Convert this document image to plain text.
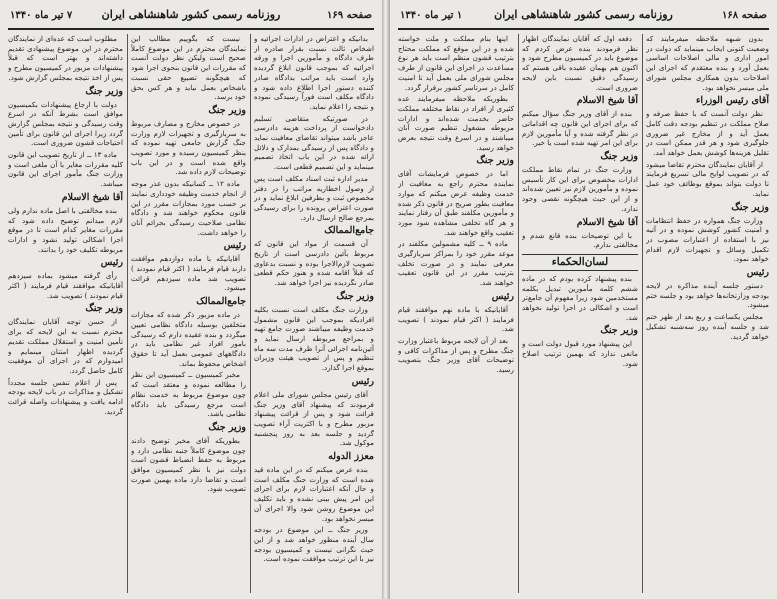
صفحه ۱۶۹
روزنامه رسمی کشور شاهنشاهی ایران
۷ تیر ماه ۱۳۴۰

مطلوب است که عده‌ای از نمایندگان محترم در این موضوع پیشنهادی تقدیم داشته‌اند و بهتر است که قبلاً پیشنهادات مزبور در کمیسیون مطرح و پس از اخذ نتیجه بمجلس گزارش شود.

وزیر جنگ

دولت با ارجاع پیشنهادات بکمیسیون موافق است بشرط آنکه در اسرع وقت رسیدگی و نتیجه بمجلس گزارش گردد زیرا اجرای این قانون برای تأمین احتیاجات قشون ضروری است.

ماده ۱۳ ــ از تاریخ تصویب این قانون کلیه مقررات مغایر با آن ملغی است و وزارت جنگ مأمور اجرای این قانون میباشد.

آقا شیخ الاسلام

بنده مخالفتی با اصل ماده ندارم ولی لازم میدانم توضیح داده شود که مقررات مغایر کدام است تا در موقع اجرا اشکالی تولید نشود و ادارات مربوطه تکلیف خود را بدانند.

رئیس

رأی گرفته میشود بماده سیزدهم آقایانیکه موافقند قیام فرمایند ( اکثر قیام نمودند ) تصویب شد.

وزیر جنگ

از حسن توجه آقایان نمایندگان محترم نسبت به این لایحه که برای تأمین امنیت و استقلال مملکت تقدیم گردیده اظهار امتنان مینمایم و امیدوارم که در اجرای آن موفقیت کامل حاصل گردد.

پس از اعلام تنفس جلسه مجدداً تشکیل و مذاکرات در باب لایحه بودجه ادامه یافت و پیشنهادات واصله قرائت گردید.

نیست که بگوییم مطالب این نمایندگان محترم در این موضوع کاملاً صحیح است ولیکن نظر دولت آنست که مقررات این قانون بنحوی اجرا شود که هیچگونه تضییع حقی نسبت باشخاص بعمل نیاید و هر کس بحق خود برسد.

وزیر جنگ

در خصوص مخارج و مصارف مربوط به سربازگیری و تجهیزات لازم وزارت جنگ گزارش جامعی تهیه نموده که بنظر کمیسیون رسیده و مورد تصویب واقع شده است و در این باب توضیحات لازم داده شد.

ماده ۱۲ ــ کسانیکه بدون عذر موجه از انجام خدمت وظیفه خودداری نمایند بر حسب مورد بمجازات مقرر در این قانون محکوم خواهند شد و دادگاه نظامی صلاحیت رسیدگی بجرائم آنان را خواهد داشت.

رئیس

آقایانیکه با ماده دوازدهم موافقت دارند قیام فرمایند ( اکثر قیام نمودند ) تصویب شد ماده سیزدهم قرائت میشود.

جامع‌الممالک

در ماده مزبور ذکر شده که مجازات متخلفین بوسیله دادگاه نظامی تعیین میگردد و بنده عقیده دارم که رسیدگی بامور افراد غیر نظامی باید در دادگاههای عمومی بعمل آید تا حقوق اشخاص محفوظ بماند.

مخبر کمیسیون ــ کمیسیون این نظر را مطالعه نموده و معتقد است که چون موضوع مربوط به خدمت نظام است مرجع رسیدگی باید دادگاه نظامی باشد.

وزیر جنگ

بطوریکه آقای مخبر توضیح دادند چون موضوع کاملاً جنبه نظامی دارد و مربوط به حفظ انضباط قشون است دولت نیز با نظر کمیسیون موافق است و تقاضا دارد ماده بهمین صورت تصویب شود.

بدانیکه و اعتراض در ادارات اجرائیه و اشخاص ثالث نسبت بقرار صادره از طرف دادگاه و مأمورین اجرا و ورقه اجرائیه که بموجب قانون ابلاغ گردیده وارد است باید مراتب بدادگاه صادر کننده دستور اجرا اطلاع داده شود و دادگاه مکلف است فوراً رسیدگی نموده و نتیجه را اعلام نماید.

در صورتیکه متقاضی تسلیم دادخواست از پرداخت هزینه دادرسی عاجز باشد میتواند تقاضای معافیت نماید و دادگاه پس از رسیدگی بمدارک و دلائل ارائه شده در این باب اتخاذ تصمیم مینماید و این تصمیم قطعی است.

مدیر اداره ثبت اسناد مکلف است پس از وصول اخطاریه مراتب را در دفتر مخصوص ثبت و بطرفین ابلاغ نماید و در صورت اعتراض پرونده را برای رسیدگی بمرجع صالح ارسال دارد.

جامع‌الممالک

آن قسمت از مواد این قانون که مربوط بآئین دادرسی است از تاریخ تصویب لازم‌الاجرا بوده و نسبت بدعاوی که قبلاً اقامه شده و هنوز حکم قطعی صادر نگردیده نیز اجرا خواهد شد.

وزیر جنگ

وزارت جنگ مکلف است نسبت بکلیه افرادیکه بموجب این قانون مشمول خدمت وظیفه میباشند صورت جامع تهیه و بمراجع مربوطه ارسال نماید و آئین‌نامه اجرائی آنرا ظرف مدت سه ماه تنظیم و پس از تصویب هیئت وزیران بموقع اجرا گذارد.

رئیس

آقای رئیس مجلس شورای ملی اعلام فرمودند که پیشنهاد آقای وزیر جنگ قرائت شود و پس از قرائت پیشنهاد مزبور مطرح و با اکثریت آراء تصویب گردید و جلسه بعد به روز پنجشنبه موکول شد.

معزز الدوله

بنده عرض میکنم که در این ماده قید شده است که وزارت جنگ مکلف است و حال آنکه اعتبارات لازم برای اجرای این امر پیش بینی نشده و باید تکلیف این موضوع روشن شود والا اجرای آن میسر نخواهد بود.

وزیر جنگ ــ این موضوع در بودجه سال آینده منظور خواهد شد و از این حیث نگرانی نیست و کمیسیون بودجه نیز با این ترتیب موافقت نموده است.

صفحه ۱۶۸
روزنامه رسمی کشور شاهنشاهی ایران
۱ تیر ماه ۱۳۴۰

اینها بنام مملکت و ملت خواسته شده و در این موقع که مملکت محتاج بترتیب قشون منظم است باید هر نوع مساعدت در اجرای این قانون از طرف مجلس شورای ملی بعمل آید تا امنیت کامل در سرتاسر کشور برقرار گردد.

بطوریکه ملاحظه میفرمایند عده کثیری از افراد در نقاط مختلفه مملکت حاضر بخدمت شده‌اند و ادارات مربوطه مشغول تنظیم صورت آنان میباشند و در اسرع وقت نتیجه بعرض خواهد رسید.

وزیر جنگ

اما در خصوص فرمایشات آقای نماینده محترم راجع به معافیت از خدمت وظیفه عرض میکنم که موارد معافیت بطور صریح در قانون ذکر شده و مأمورین مکلفند طبق آن رفتار نمایند و هر گاه تخلفی مشاهده شود مورد تعقیب واقع خواهند شد.

ماده ۹ ــ کلیه مشمولین مکلفند در موعد مقرر خود را بمراکز سربازگیری معرفی نمایند و در صورت تخلف بترتیب مقرر در این قانون تعقیب خواهند شد.

رئیس

آقایانیکه با ماده نهم موافقند قیام فرمایند ( اکثر قیام نمودند ) تصویب شد.

بعد از آن لایحه مربوط باعتبار وزارت جنگ مطرح و پس از مذاکرات کافی و توضیحات آقای وزیر جنگ بتصویب رسید.

دفعه اول که آقایان نمایندگان اظهار نظر فرمودند بنده عرض کردم که موضوع باید در کمیسیون مطرح شود و اکنون هم بهمان عقیده باقی هستم که رسیدگی دقیق نسبت باین لایحه ضروری است.

آقا شیخ الاسلام

بنده از آقای وزیر جنگ سؤال میکنم که برای اجرای این قانون چه اقداماتی در نظر گرفته شده و آیا مأمورین لازم برای این امر تهیه شده است یا خیر.

وزیر جنگ

وزارت جنگ در تمام نقاط مملکت ادارات مخصوص برای این کار تأسیس نموده و مأمورین لازم نیز تعیین شده‌اند و از این حیث هیچگونه نقصی وجود ندارد.

آقا شیخ الاسلام

با این توضیحات بنده قانع شدم و مخالفتی ندارم.

لسان‌الحکماء

بنده پیشنهاد کرده بودم که در ماده ششم کلمه مأمورین تبدیل بکلمه مستخدمین شود زیرا مفهوم آن جامع‌تر است و اشکالی در اجرا تولید نخواهد شد.

وزیر جنگ

این پیشنهاد مورد قبول دولت است و مانعی ندارد که بهمین ترتیب اصلاح شود.

بدون شبهه ملاحظه میفرمایند که وضعیت کنونی ایجاب مینماید که دولت در امور اداری و مالی اصلاحات اساسی بعمل آورد و بنده معتقدم که اجرای این اصلاحات بدون همکاری مجلس شورای ملی میسر نخواهد بود.

آقای رئیس الوزراء

نظر دولت آنست که با حفظ صرفه و صلاح مملکت در تنظیم بودجه دقت کامل بعمل آید و از مخارج غیر ضروری جلوگیری شود و هر قدر ممکن است در تقلیل هزینه‌ها کوشش بعمل خواهد آمد.

از آقایان نمایندگان محترم تقاضا میشود که در تصویب لوایح مالی تسریع فرمایند تا دولت بتواند بموقع بوظائف خود عمل نماید.

وزیر جنگ

وزارت جنگ همواره در حفظ انتظامات و امنیت کشور کوشش نموده و در آتیه نیز با استفاده از اعتبارات مصوب در تکمیل وسائل و تجهیزات لازم اقدام خواهد نمود.

رئیس

دستور جلسه آینده مذاکره در لایحه بودجه وزارتخانه‌ها خواهد بود و جلسه ختم میشود.

مجلس یکساعت و ربع بعد از ظهر ختم شد و جلسه آینده روز سه‌شنبه تشکیل خواهد گردید.
